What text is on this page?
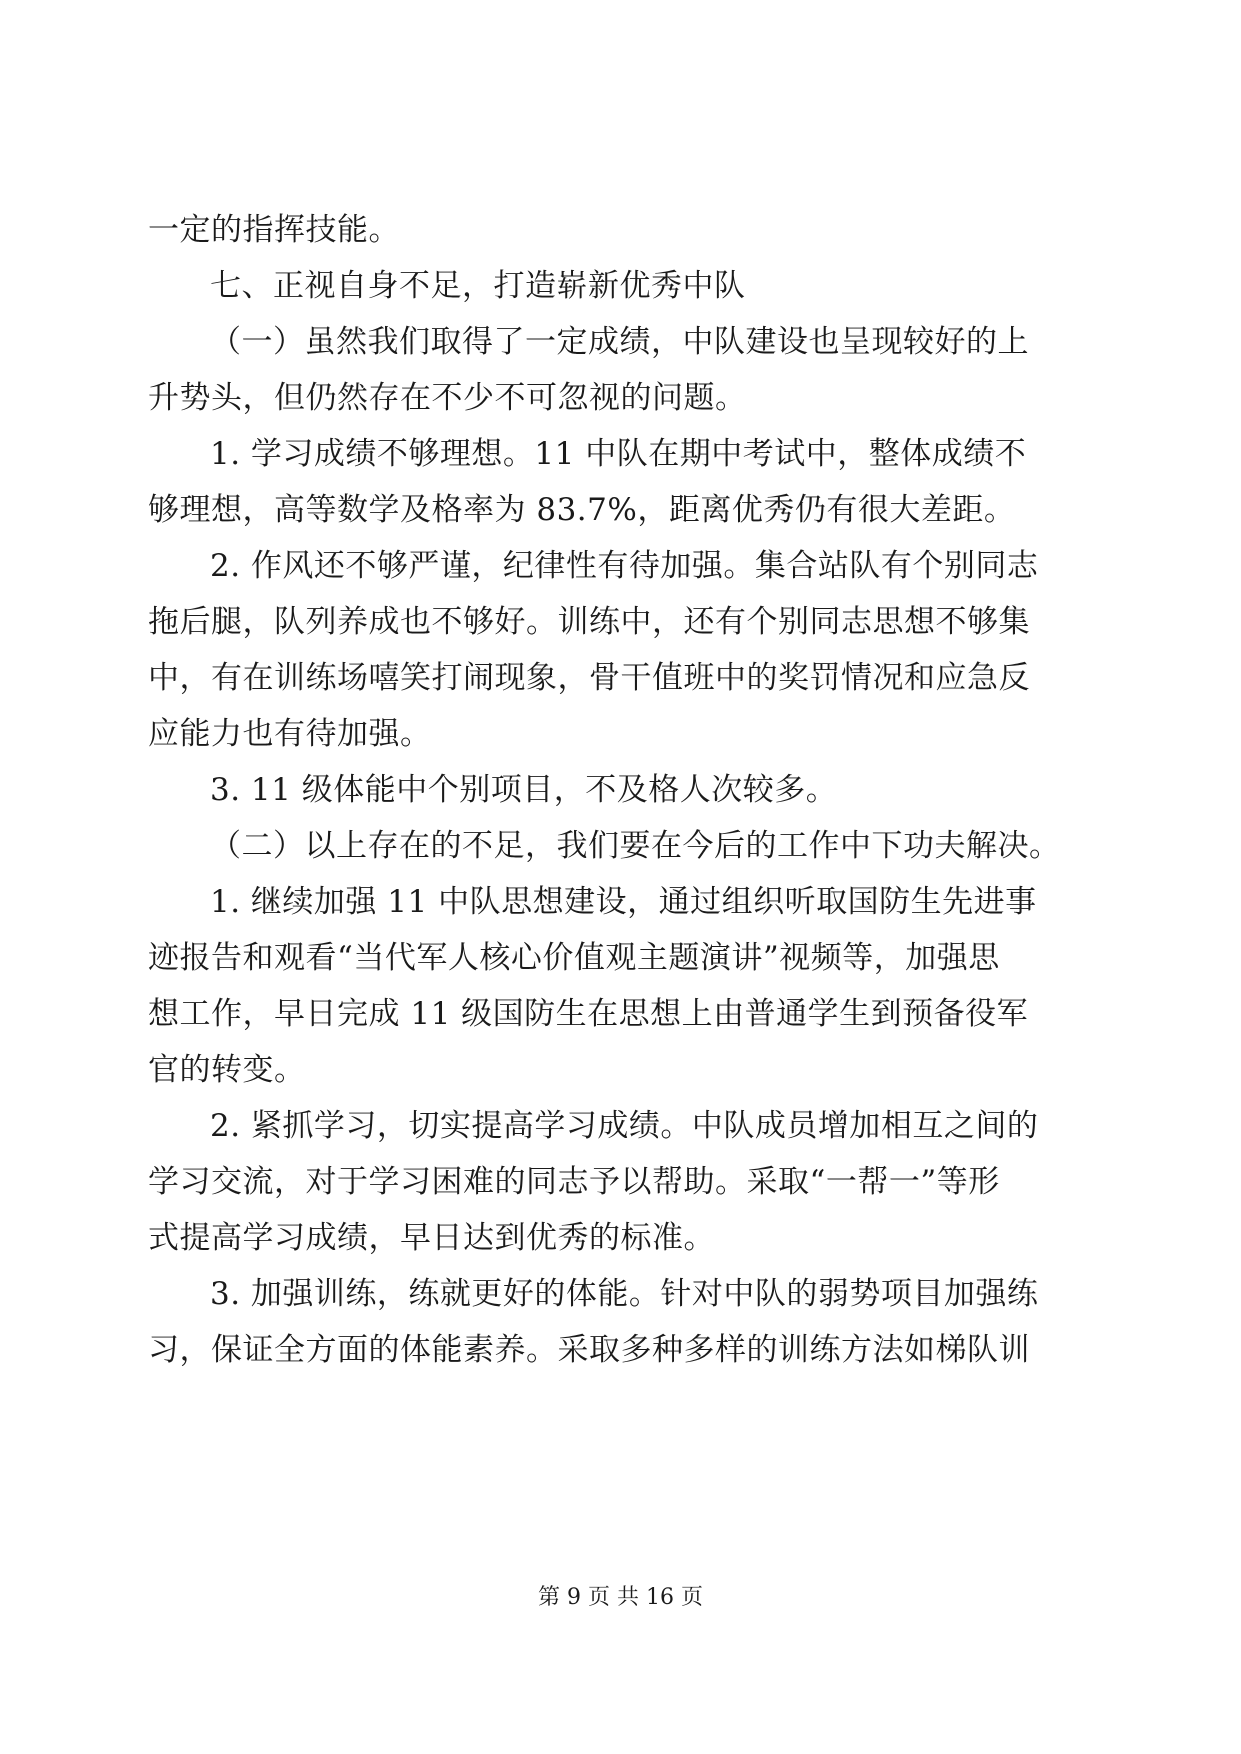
一定的指挥技能。
七、正视自身不足，打造崭新优秀中队
（一）虽然我们取得了一定成绩，中队建设也呈现较好的上
升势头，但仍然存在不少不可忽视的问题。
1. 学习成绩不够理想。11 中队在期中考试中，整体成绩不
够理想，高等数学及格率为 83.7%，距离优秀仍有很大差距。
2. 作风还不够严谨，纪律性有待加强。集合站队有个别同志
拖后腿，队列养成也不够好。训练中，还有个别同志思想不够集
中，有在训练场嘻笑打闹现象，骨干值班中的奖罚情况和应急反
应能力也有待加强。
3. 11 级体能中个别项目，不及格人次较多。
（二）以上存在的不足，我们要在今后的工作中下功夫解决。
1. 继续加强 11 中队思想建设，通过组织听取国防生先进事
迹报告和观看“当代军人核心价值观主题演讲”视频等，加强思
想工作，早日完成 11 级国防生在思想上由普通学生到预备役军
官的转变。
2. 紧抓学习，切实提高学习成绩。中队成员增加相互之间的
学习交流，对于学习困难的同志予以帮助。采取“一帮一”等形
式提高学习成绩，早日达到优秀的标准。
3. 加强训练，练就更好的体能。针对中队的弱势项目加强练
习，保证全方面的体能素养。采取多种多样的训练方法如梯队训
第 9 页 共 16 页
